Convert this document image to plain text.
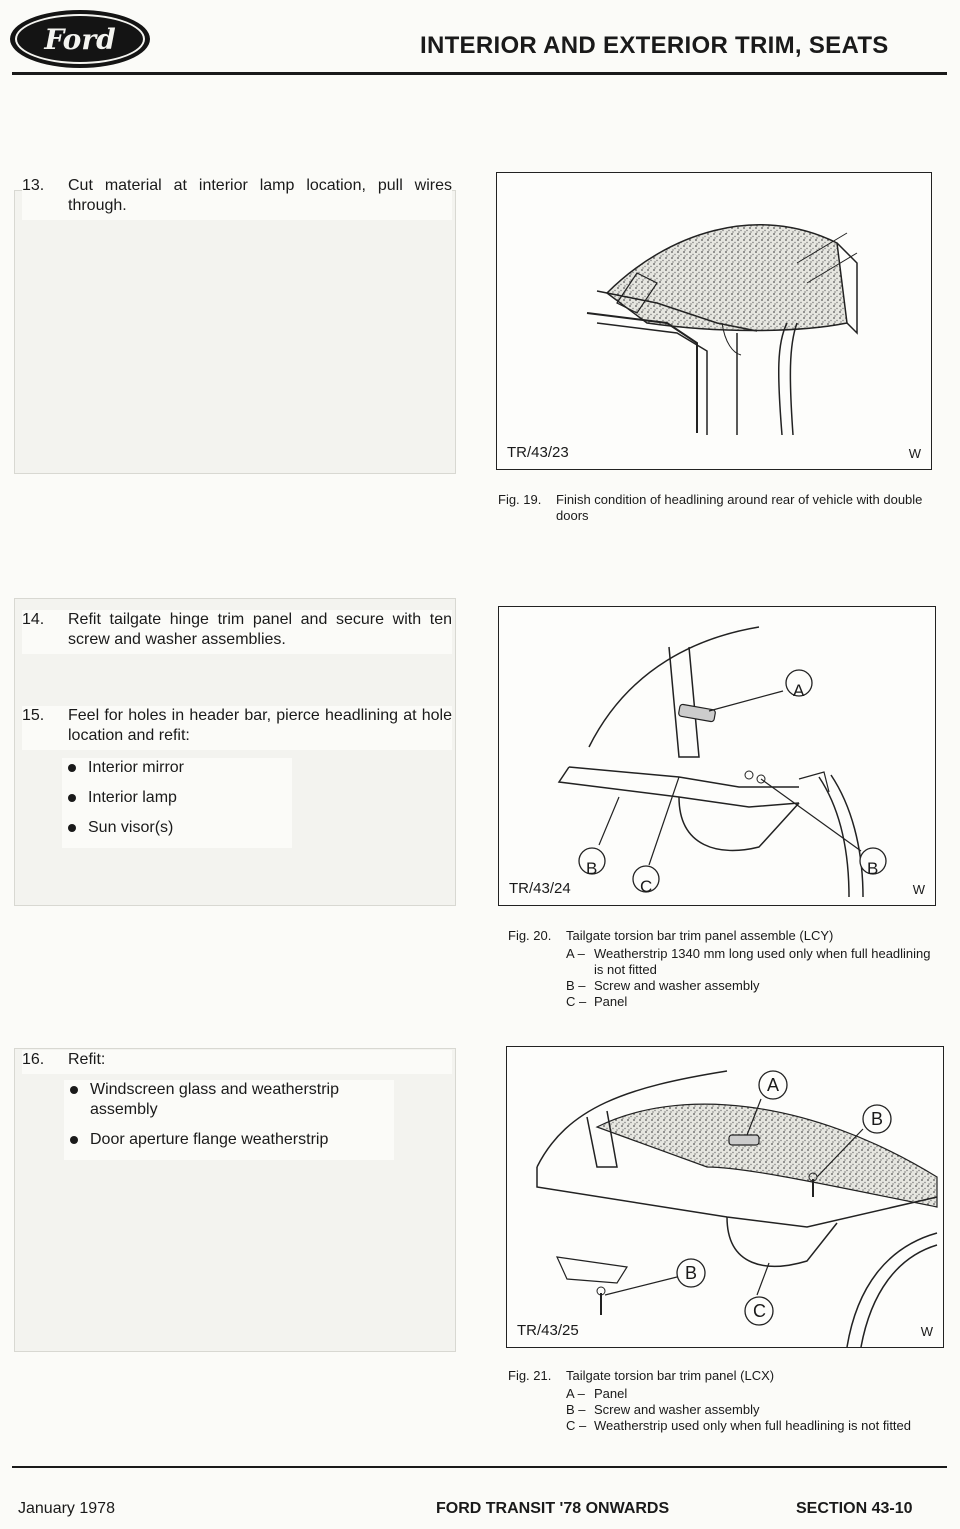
Ford	INTERIOR AND EXTERIOR TRIM, SEATS
13.	Cut material at interior lamp location, pull wires through.
14.	Refit tailgate hinge trim panel and secure with ten screw and washer assemblies.
15.	Feel for holes in header bar, pierce headlining at hole location and refit:
Interior mirror
Interior lamp
Sun visor(s)
16.	Refit:
Windscreen glass and weatherstrip assembly
Door aperture flange weatherstrip
TR/43/23	W
Fig. 19. Finish condition of headlining around rear of vehicle with double doors
A
B
C
B
TR/43/24	W
Fig. 20. Tailgate torsion bar trim panel assemble (LCY)
A – Weatherstrip 1340 mm long used only when full headlining is not fitted
B – Screw and washer assembly
C – Panel
A
B
B
C
TR/43/25	W
Fig. 21. Tailgate torsion bar trim panel (LCX)
A – Panel
B – Screw and washer assembly
C – Weatherstrip used only when full headlining is not fitted
January 1978	FORD TRANSIT '78 ONWARDS	SECTION 43-10
